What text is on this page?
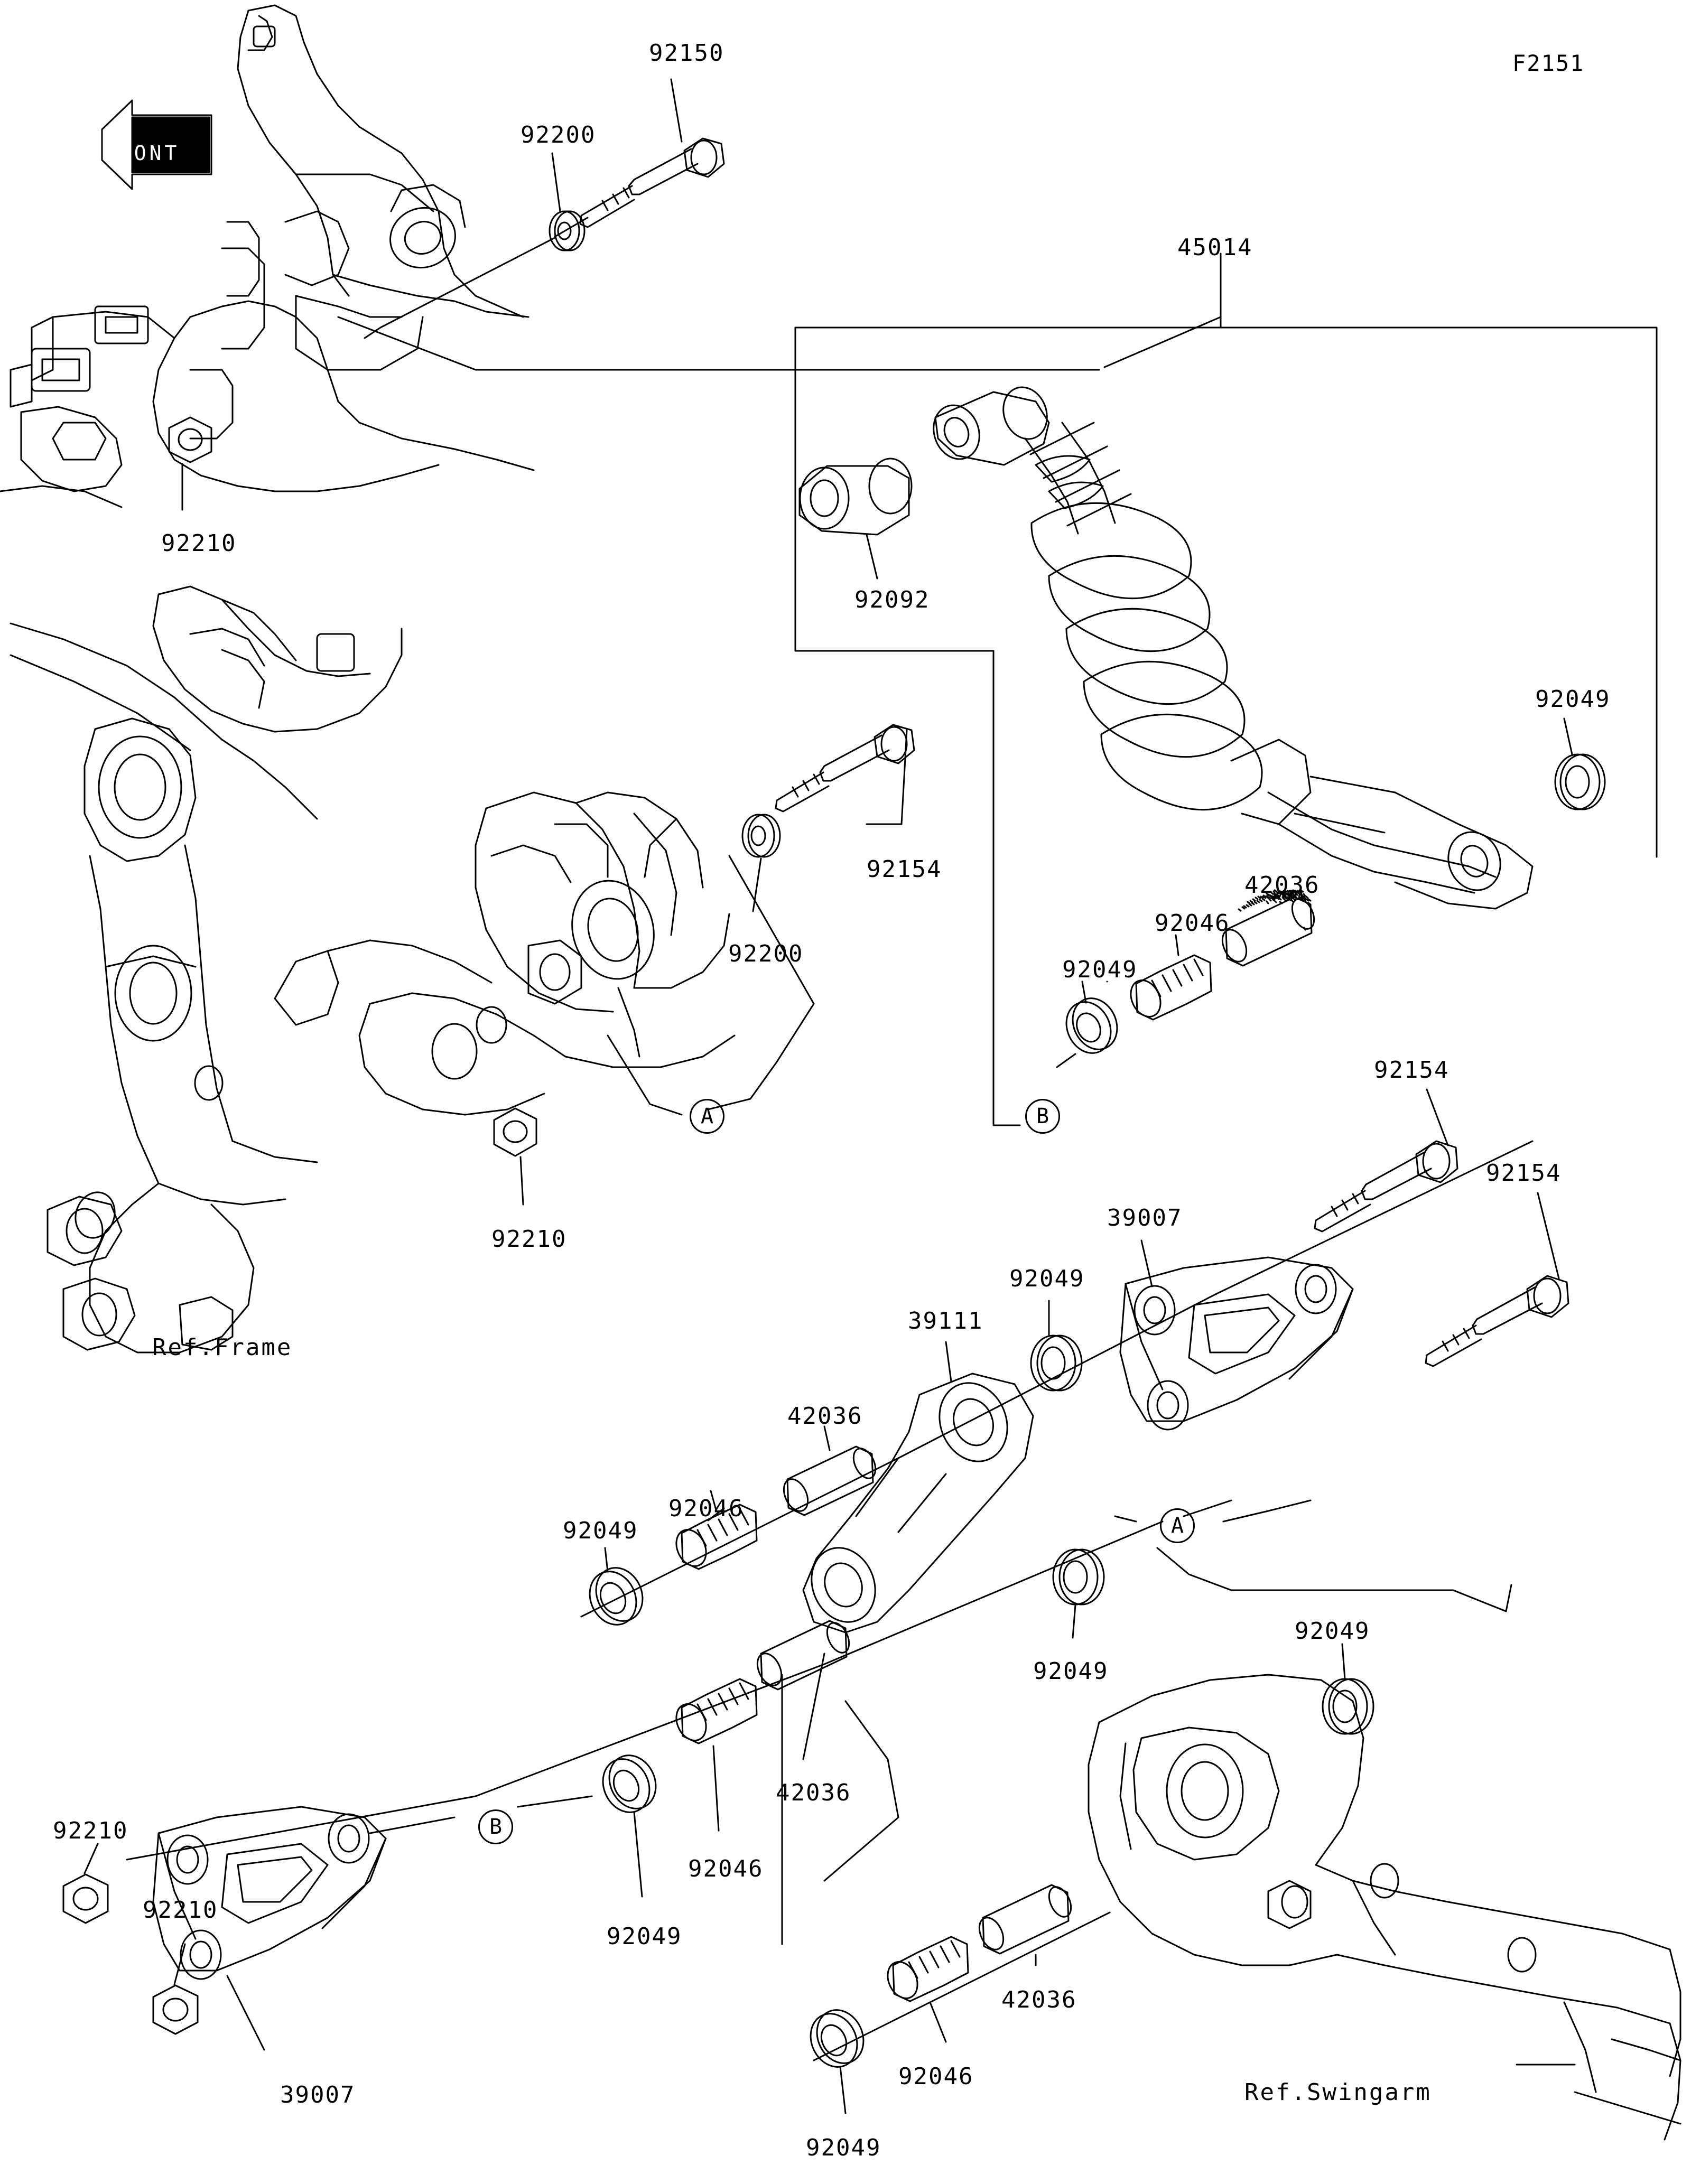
F2151
FRONT
92150
92200
45014
92210
92092
92049
92154
92200
42036
92046
92049
92210
92154
92154
39007
92049
39111
42036
92046
92049
92049
92049
42036
92046
92049
92210
92210
39007
42036
92046
92049
Ref.Frame
Ref.Swingarm
A	B
A
B
